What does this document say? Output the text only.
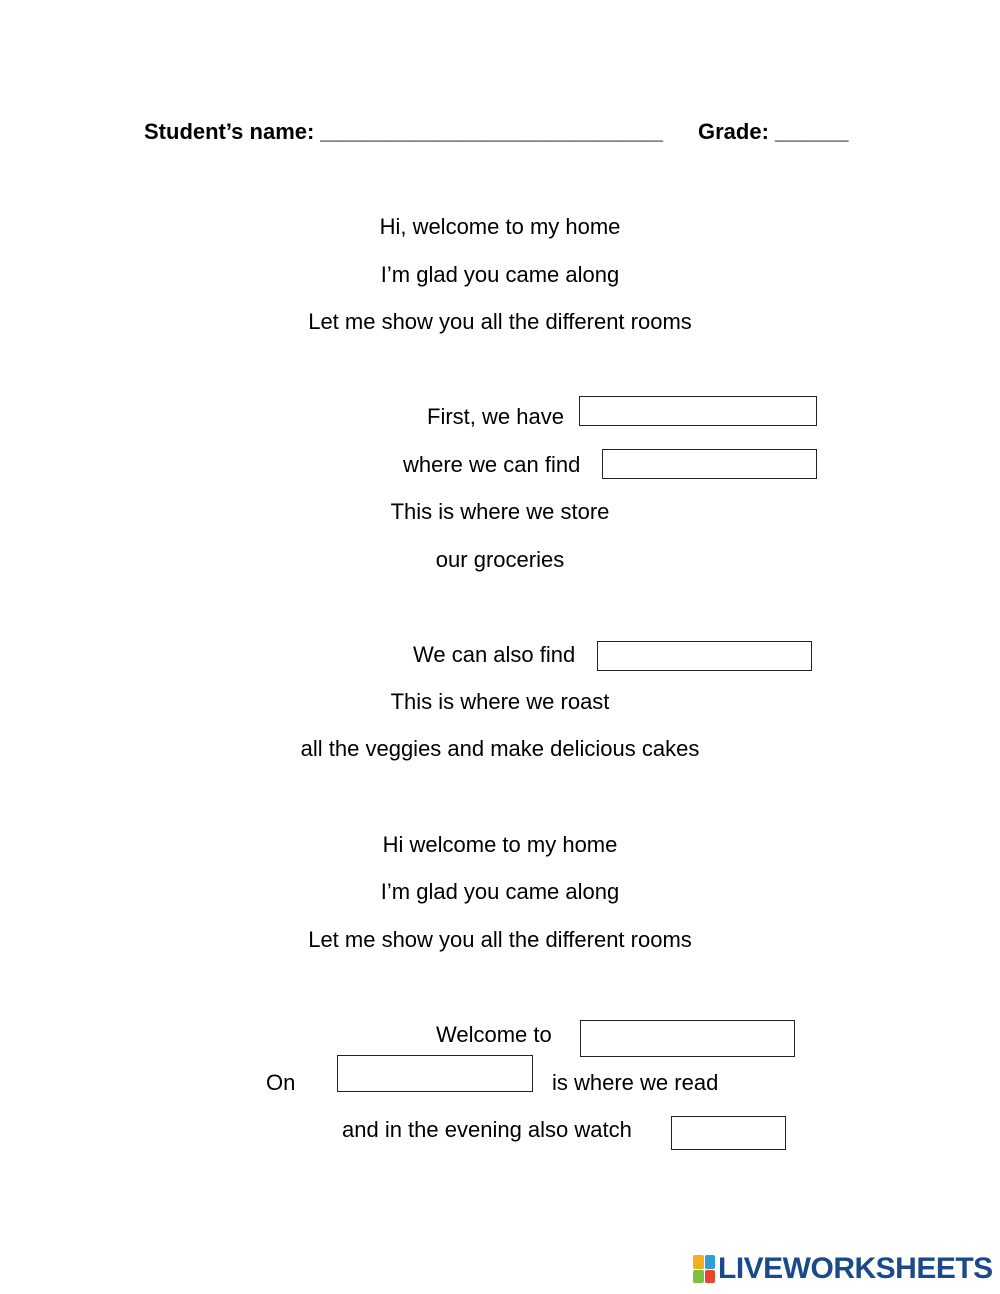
Student’s name: ____________________________ Grade: ______
Hi, welcome to my home
I’m glad you came along
Let me show you all the different rooms
First, we have
where we can find
This is where we store
our groceries
We can also find
This is where we roast
all the veggies and make delicious cakes
Hi welcome to my home
I’m glad you came along
Let me show you all the different rooms
Welcome to
On	is where we read
and in the evening also watch
LIVEWORKSHEETS
